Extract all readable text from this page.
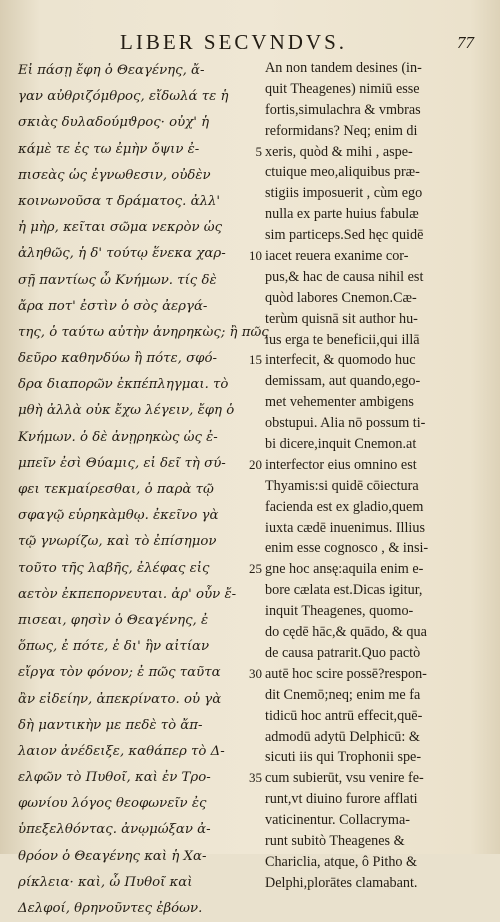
LIBER SECVNDVS.	77
Εἰ πάσῃ ἔφη ὁ Θεαγένης, ἄ-
γαν αὐθριζόμθρος, εἴδωλά τε ἡ
σκιὰς δυλαδούμϑρος· οὐχ' ἡ
κάμὲ τε ἐς τω ἐμὴν ὄψιν ἐ-
πισεὰς ὡς ἐγνωθεσιν, οὐδὲν
κοινωνοῦσα τ δράματος. ἀλλ'
ἡ μὴρ, κεῖται σῶμα νεκρὸν ὡς
ἀληθῶς, ἡ δ' τούτῳ ἕνεκα χαρ-
σῇ παντίως ὦ Κνήμων. τίς δὲ
ἄρα ποτ' ἐστὶν ὁ σὸς ἀεργά-
της, ὁ ταύτω αὐτὴν ἀνηρηκὼς; ἢ πῶς
δεῦρο καθηνδύω ἢ πότε, σφό-
δρα διαπορῶν ἐκπέπληγμαι. τὸ
μθὴ ἀλλὰ οὐκ ἔχω λέγειν, ἔφη ὁ
Κνήμων. ὁ δὲ ἀνῃρηκὼς ὡς ἐ-
μπεῖν ἐσὶ Θύαμις, εἰ δεῖ τὴ σύ-
φει τεκμαίρεσθαι, ὁ παρὰ τῷ
σφαγῷ εὑρηκὰμθῳ. ἐκεῖνο γὰ
τῷ γνωρίζω, καὶ τὸ ἐπίσημον
τοῦτο τῆς λαβῆς, ἐλέφας εἰς
αετὸν ἐκπεπορνευται. ἀρ' οὖν ἔ-
πισεαι, φησὶν ὁ Θεαγένης, ἐ
ὅπως, ἐ πότε, ἐ δι' ἣν αἰτίαν
εἴργα τὸν φόνον; ἐ πῶς ταῦτα
ἂν εἰδείην, ἀπεκρίνατο. οὐ γὰ
δὴ μαντικὴν με πεδὲ τὸ ἄπ-
λαιον ἀνέδειξε, καθάπερ τὸ Δ-
ελφῶν τὸ Πυθοῖ, καὶ ἐν Τρο-
φωνίου λόγος θεοφωνεῖν ἐς
ὑπεξελθόντας. ἀνῳμώξαν ἀ-
θρόον ὁ Θεαγένης καὶ ἡ Χα-
ρίκλεια· καὶ, ὦ Πυθοῖ καὶ
Δελφοί, θρηνοῦντες ἐβόων.
An non tandem desines (in-
quit Theagenes) nimiū esse
fortis,simulachra & vmbras
reformidans? Neq; enim di
5 xeris, quòd & mihi , aspe-
ctuique meo,aliquibus præ-
stigiis imposuerit , cùm ego
nulla ex parte huius fabulæ
sim particeps.Sed hęc quidē
10 iacet reuera exanime cor-
pus,& hac de causa nihil est
quòd labores Cnemon.Cæ-
terùm quisnā sit author hu-
ius erga te beneficii,qui illā
15 interfecit, & quomodo huc
demissam, aut quando,ego-
met vehementer ambigens
obstupui. Alia nō possum ti-
bi dicere,inquit Cnemon.at
20 interfector eius omnino est
Thyamis:si quidē cōiectura
facienda est ex gladio,quem
iuxta cædē inuenimus. Illius
enim esse cognosco , & insi-
25 gne hoc ansę:aquila enim e-
bore cælata est.Dicas igitur,
inquit Theagenes, quomo-
do cędē hāc,& quādo, & qua
de causa patrarit.Quo pactò
30 autē hoc scire possē?respon-
dit Cnemō;neq; enim me fa
tidicū hoc antrū effecit,quē-
admodū adytū Delphicū: &
sicuti iis qui Trophonii spe-
35 cum subierūt, vsu venire fe-
runt,vt diuino furore afflati
vaticinentur. Collacryma-
runt subitò Theagenes &
Chariclia, atque, ô Pitho &
Delphi,plorātes clamabant.
